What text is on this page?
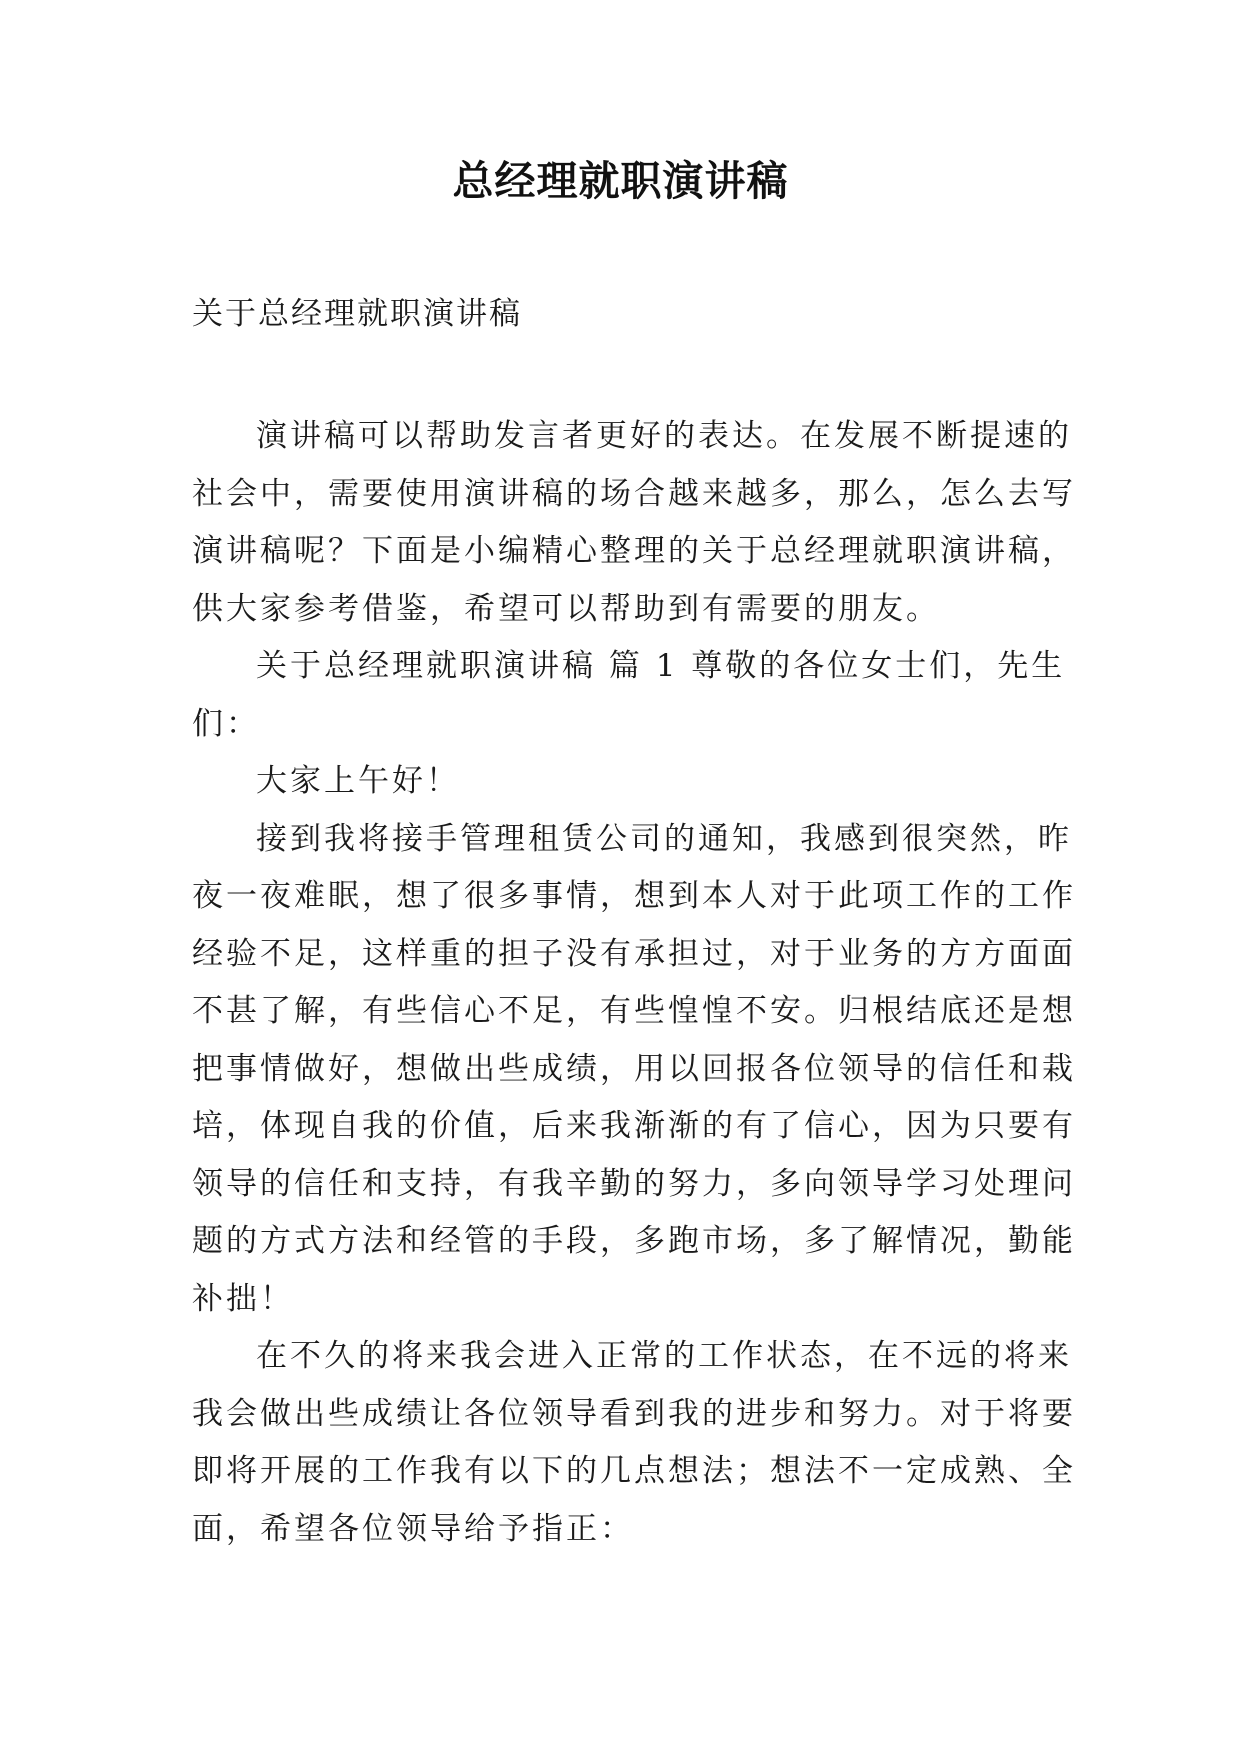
总经理就职演讲稿

关于总经理就职演讲稿

演讲稿可以帮助发言者更好的表达。在发展不断提速的
社会中，需要使用演讲稿的场合越来越多，那么，怎么去写
演讲稿呢？下面是小编精心整理的关于总经理就职演讲稿，
供大家参考借鉴，希望可以帮助到有需要的朋友。
关于总经理就职演讲稿 篇 1 尊敬的各位女士们，先生
们：
大家上午好！
接到我将接手管理租赁公司的通知，我感到很突然，昨
夜一夜难眠，想了很多事情，想到本人对于此项工作的工作
经验不足，这样重的担子没有承担过，对于业务的方方面面
不甚了解，有些信心不足，有些惶惶不安。归根结底还是想
把事情做好，想做出些成绩，用以回报各位领导的信任和栽
培，体现自我的价值，后来我渐渐的有了信心，因为只要有
领导的信任和支持，有我辛勤的努力，多向领导学习处理问
题的方式方法和经管的手段，多跑市场，多了解情况，勤能
补拙！
在不久的将来我会进入正常的工作状态，在不远的将来
我会做出些成绩让各位领导看到我的进步和努力。对于将要
即将开展的工作我有以下的几点想法；想法不一定成熟、全
面，希望各位领导给予指正：
